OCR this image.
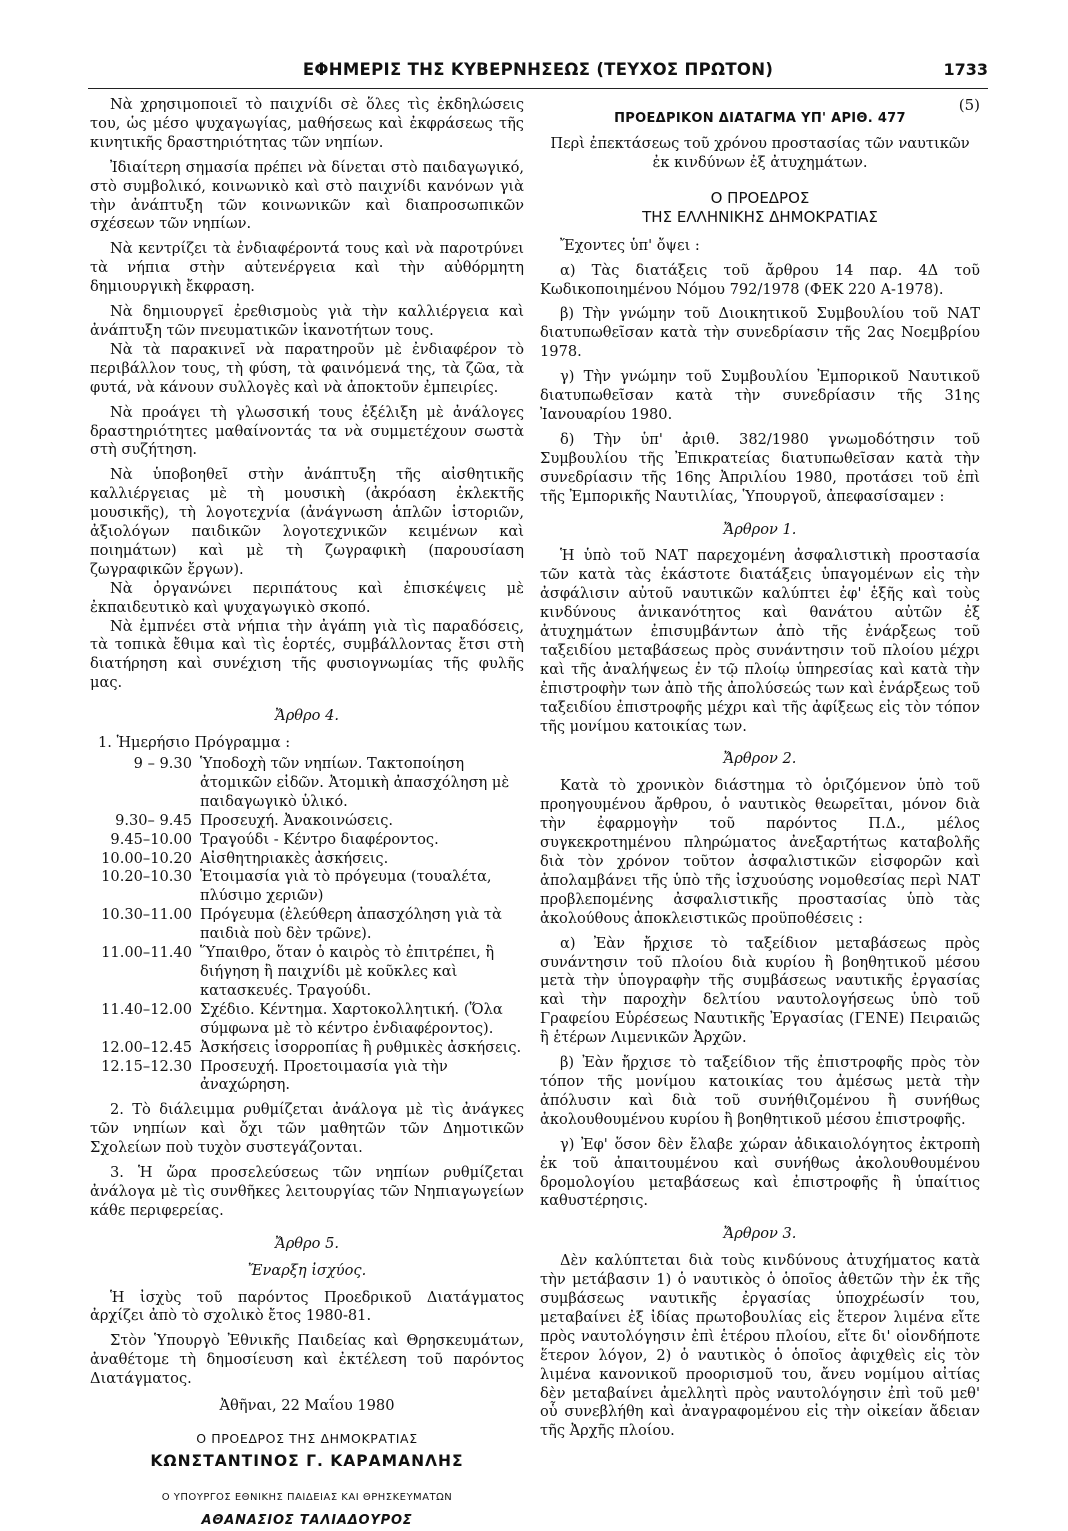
ΕΦΗΜΕΡΙΣ ΤΗΣ ΚΥΒΕΡΝΗΣΕΩΣ (ΤΕΥΧΟΣ ΠΡΩΤΟΝ)	1733

Νὰ χρησιμοποιεῖ τὸ παιχνίδι σὲ ὅλες τὶς ἐκδηλώσεις του, ὡς μέσο ψυχαγωγίας, μαθήσεως καὶ ἐκφράσεως τῆς κινητικῆς δραστηριότητας τῶν νηπίων.

Ἰδιαίτερη σημασία πρέπει νὰ δίνεται στὸ παιδαγωγικό, στὸ συμβολικό, κοινωνικὸ καὶ στὸ παιχνίδι κανόνων γιὰ τὴν ἀνάπτυξη τῶν κοινωνικῶν καὶ διαπροσωπικῶν σχέσεων τῶν νηπίων.

Νὰ κεντρίζει τὰ ἐνδιαφέροντά τους καὶ νὰ παροτρύνει τὰ νήπια στὴν αὐτενέργεια καὶ τὴν αὐθόρμητη δημιουργικὴ ἔκφραση.

Νὰ δημιουργεῖ ἐρεθισμοὺς γιὰ τὴν καλλιέργεια καὶ ἀνάπτυξη τῶν πνευματικῶν ἱκανοτήτων τους.

Νὰ τὰ παρακινεῖ νὰ παρατηροῦν μὲ ἐνδιαφέρον τὸ περιβάλλον τους, τὴ φύση, τὰ φαινόμενά της, τὰ ζῶα, τὰ φυτά, νὰ κάνουν συλλογὲς καὶ νὰ ἀποκτοῦν ἐμπειρίες.

Νὰ προάγει τὴ γλωσσική τους ἐξέλιξη μὲ ἀνάλογες δραστηριότητες μαθαίνοντάς τα νὰ συμμετέχουν σωστὰ στὴ συζήτηση.

Νὰ ὑποβοηθεῖ στὴν ἀνάπτυξη τῆς αἰσθητικῆς καλλιέργειας μὲ τὴ μουσικὴ (ἀκρόαση ἐκλεκτῆς μουσικῆς), τὴ λογοτεχνία (ἀνάγνωση ἁπλῶν ἱστοριῶν, ἀξιολόγων παιδικῶν λογοτεχνικῶν κειμένων καὶ ποιημάτων) καὶ μὲ τὴ ζωγραφικὴ (παρουσίαση ζωγραφικῶν ἔργων).

Νὰ ὀργανώνει περιπάτους καὶ ἐπισκέψεις μὲ ἐκπαιδευτικὸ καὶ ψυχαγωγικὸ σκοπό.

Νὰ ἐμπνέει στὰ νήπια τὴν ἀγάπη γιὰ τὶς παραδόσεις, τὰ τοπικὰ ἔθιμα καὶ τὶς ἑορτές, συμβάλλοντας ἔτσι στὴ διατήρηση καὶ συνέχιση τῆς φυσιογνωμίας τῆς φυλῆς μας.

Ἄρθρο 4.
1. Ἡμερήσιο Πρόγραμμα :
9 – 9.30 Ὑποδοχὴ τῶν νηπίων. Τακτοποίηση ἀτομικῶν εἰδῶν. Ἀτομικὴ ἀπασχόληση μὲ παιδαγωγικὸ ὑλικό.
9.30– 9.45 Προσευχή. Ἀνακοινώσεις.
9.45–10.00 Τραγούδι - Κέντρο διαφέροντος.
10.00–10.20 Αἰσθητηριακὲς ἀσκήσεις.
10.20–10.30 Ἑτοιμασία γιὰ τὸ πρόγευμα (τουαλέτα, πλύσιμο χεριῶν)
10.30–11.00 Πρόγευμα (ἐλεύθερη ἀπασχόληση γιὰ τὰ παιδιὰ ποὺ δὲν τρῶνε).
11.00–11.40 Ὕπαιθρο, ὅταν ὁ καιρὸς τὸ ἐπιτρέπει, ἢ διήγηση ἢ παιχνίδι μὲ κοῦκλες καὶ κατασκευές. Τραγούδι.
11.40–12.00 Σχέδιο. Κέντημα. Χαρτοκολλητική. (Ὅλα σύμφωνα μὲ τὸ κέντρο ἐνδιαφέροντος).
12.00–12.45 Ἀσκήσεις ἰσορροπίας ἢ ρυθμικὲς ἀσκήσεις.
12.15–12.30 Προσευχή. Προετοιμασία γιὰ τὴν ἀναχώρηση.

2. Τὸ διάλειμμα ρυθμίζεται ἀνάλογα μὲ τὶς ἀνάγκες τῶν νηπίων καὶ ὄχι τῶν μαθητῶν τῶν Δημοτικῶν Σχολείων ποὺ τυχὸν συστεγάζονται.

3. Ἡ ὥρα προσελεύσεως τῶν νηπίων ρυθμίζεται ἀνάλογα μὲ τὶς συνθῆκες λειτουργίας τῶν Νηπιαγωγείων κάθε περιφερείας.

Ἄρθρο 5.
Ἔναρξη ἰσχύος.

Ἡ ἰσχὺς τοῦ παρόντος Προεδρικοῦ Διατάγματος ἀρχίζει ἀπὸ τὸ σχολικὸ ἔτος 1980-81.

Στὸν Ὑπουργὸ Ἐθνικῆς Παιδείας καὶ Θρησκευμάτων, ἀναθέτομε τὴ δημοσίευση καὶ ἐκτέλεση τοῦ παρόντος Διατάγματος.

Ἀθῆναι, 22 Μαΐου 1980
Ο ΠΡΟΕΔΡΟΣ ΤΗΣ ΔΗΜΟΚΡΑΤΙΑΣ
ΚΩΝΣΤΑΝΤΙΝΟΣ Γ. ΚΑΡΑΜΑΝΛΗΣ
Ο ΥΠΟΥΡΓΟΣ ΕΘΝΙΚΗΣ ΠΑΙΔΕΙΑΣ ΚΑΙ ΘΡΗΣΚΕΥΜΑΤΩΝ
ΑΘΑΝΑΣΙΟΣ ΤΑΛΙΑΔΟΥΡΟΣ
(5)
ΠΡΟΕΔΡΙΚΟΝ ΔΙΑΤΑΓΜΑ ΥΠ' ΑΡΙΘ. 477
Περὶ ἐπεκτάσεως τοῦ χρόνου προστασίας τῶν ναυτικῶν ἐκ κινδύνων ἐξ ἀτυχημάτων.
Ο ΠΡΟΕΔΡΟΣ
ΤΗΣ ΕΛΛΗΝΙΚΗΣ ΔΗΜΟΚΡΑΤΙΑΣ

Ἔχοντες ὑπ' ὄψει :

α) Τὰς διατάξεις τοῦ ἄρθρου 14 παρ. 4Δ τοῦ Κωδικοποιημένου Νόμου 792/1978 (ΦΕΚ 220 Α-1978).

β) Τὴν γνώμην τοῦ Διοικητικοῦ Συμβουλίου τοῦ ΝΑΤ διατυπωθεῖσαν κατὰ τὴν συνεδρίασιν τῆς 2ας Νοεμβρίου 1978.

γ) Τὴν γνώμην τοῦ Συμβουλίου Ἐμπορικοῦ Ναυτικοῦ διατυπωθεῖσαν κατὰ τὴν συνεδρίασιν τῆς 31ης Ἰανουαρίου 1980.

δ) Τὴν ὑπ' ἀριθ. 382/1980 γνωμοδότησιν τοῦ Συμβουλίου τῆς Ἐπικρατείας διατυπωθεῖσαν κατὰ τὴν συνεδρίασιν τῆς 16ης Ἀπριλίου 1980, προτάσει τοῦ ἐπὶ τῆς Ἐμπορικῆς Ναυτιλίας, Ὑπουργοῦ, ἀπεφασίσαμεν :

Ἄρθρον 1.

Ἡ ὑπὸ τοῦ ΝΑΤ παρεχομένη ἀσφαλιστικὴ προστασία τῶν κατὰ τὰς ἑκάστοτε διατάξεις ὑπαγομένων εἰς τὴν ἀσφάλισιν αὐτοῦ ναυτικῶν καλύπτει ἐφ' ἑξῆς καὶ τοὺς κινδύνους ἀνικανότητος καὶ θανάτου αὐτῶν ἐξ ἀτυχημάτων ἐπισυμβάντων ἀπὸ τῆς ἐνάρξεως τοῦ ταξειδίου μεταβάσεως πρὸς συνάντησιν τοῦ πλοίου μέχρι καὶ τῆς ἀναλήψεως ἐν τῷ πλοίῳ ὑπηρεσίας καὶ κατὰ τὴν ἐπιστροφὴν των ἀπὸ τῆς ἀπολύσεώς των καὶ ἐνάρξεως τοῦ ταξειδίου ἐπιστροφῆς μέχρι καὶ τῆς ἀφίξεως εἰς τὸν τόπον τῆς μονίμου κατοικίας των.

Ἄρθρον 2.

Κατὰ τὸ χρονικὸν διάστημα τὸ ὁριζόμενον ὑπὸ τοῦ προηγουμένου ἄρθρου, ὁ ναυτικὸς θεωρεῖται, μόνον διὰ τὴν ἐφαρμογὴν τοῦ παρόντος Π.Δ., μέλος συγκεκροτημένου πληρώματος ἀνεξαρτήτως καταβολῆς διὰ τὸν χρόνον τοῦτον ἀσφαλιστικῶν εἰσφορῶν καὶ ἀπολαμβάνει τῆς ὑπὸ τῆς ἰσχυούσης νομοθεσίας περὶ ΝΑΤ προβλεπομένης ἀσφαλιστικῆς προστασίας ὑπὸ τὰς ἀκολούθους ἀποκλειστικῶς προϋποθέσεις :

α) Ἐὰν ἤρχισε τὸ ταξείδιον μεταβάσεως πρὸς συνάντησιν τοῦ πλοίου διὰ κυρίου ἢ βοηθητικοῦ μέσου μετὰ τὴν ὑπογραφὴν τῆς συμβάσεως ναυτικῆς ἐργασίας καὶ τὴν παροχὴν δελτίου ναυτολογήσεως ὑπὸ τοῦ Γραφείου Εὑρέσεως Ναυτικῆς Ἐργασίας (ΓΕΝΕ) Πειραιῶς ἢ ἑτέρων Λιμενικῶν Ἀρχῶν.

β) Ἐὰν ἤρχισε τὸ ταξείδιον τῆς ἐπιστροφῆς πρὸς τὸν τόπον τῆς μονίμου κατοικίας του ἀμέσως μετὰ τὴν ἀπόλυσιν καὶ διὰ τοῦ συνήθιζομένου ἢ συνήθως ἀκολουθουμένου κυρίου ἢ βοηθητικοῦ μέσου ἐπιστροφῆς.

γ) Ἐφ' ὅσον δὲν ἔλαβε χώραν ἀδικαιολόγητος ἐκτροπὴ ἐκ τοῦ ἀπαιτουμένου καὶ συνήθως ἀκολουθουμένου δρομολογίου μεταβάσεως καὶ ἐπιστροφῆς ἢ ὑπαίτιος καθυστέρησις.

Ἄρθρον 3.

Δὲν καλύπτεται διὰ τοὺς κινδύνους ἀτυχήματος κατὰ τὴν μετάβασιν 1) ὁ ναυτικὸς ὁ ὁποῖος ἀθετῶν τὴν ἐκ τῆς συμβάσεως ναυτικῆς ἐργασίας ὑποχρέωσίν του, μεταβαίνει ἐξ ἰδίας πρωτοβουλίας εἰς ἕτερον λιμένα εἴτε πρὸς ναυτολόγησιν ἐπὶ ἑτέρου πλοίου, εἴτε δι' οἱονδήποτε ἕτερον λόγον, 2) ὁ ναυτικὸς ὁ ὁποῖος ἀφιχθεὶς εἰς τὸν λιμένα κανονικοῦ προορισμοῦ του, ἄνευ νομίμου αἰτίας δὲν μεταβαίνει ἀμελλητὶ πρὸς ναυτολόγησιν ἐπὶ τοῦ μεθ' οὗ συνεβλήθη καὶ ἀναγραφομένου εἰς τὴν οἰκείαν ἄδειαν τῆς Ἀρχῆς πλοίου.
